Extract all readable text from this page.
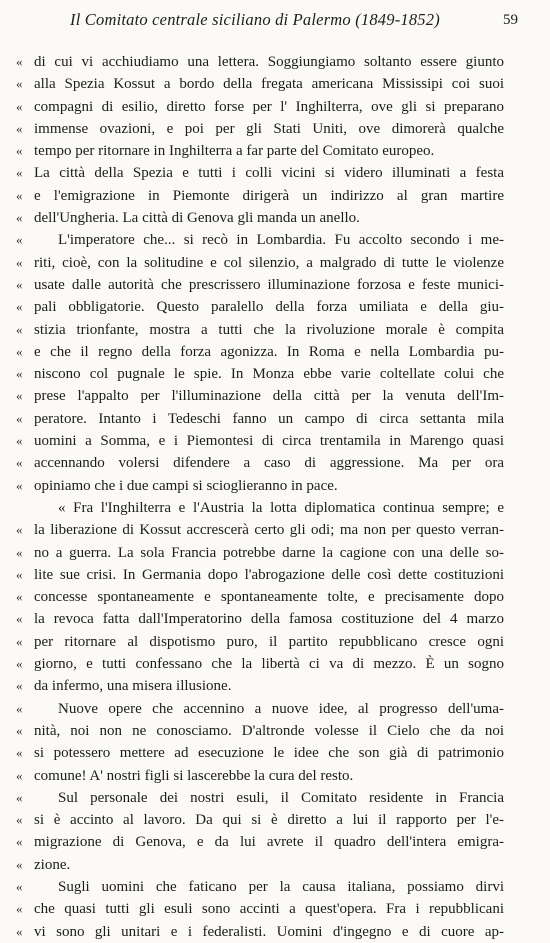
Il Comitato centrale siciliano di Palermo (1849-1852)	59
« di cui vi acchiudiamo una lettera. Soggiungiamo soltanto essere giunto
« alla Spezia Kossut a bordo della fregata americana Mississipi coi suoi
« compagni di esilio, diretto forse per l' Inghilterra, ove gli si preparano
« immense ovazioni, e poi per gli Stati Uniti, ove dimorerà qualche
« tempo per ritornare in Inghilterra a far parte del Comitato europeo.
« La città della Spezia e tutti i colli vicini si videro illuminati a festa
« e l'emigrazione in Piemonte dirigerà un indirizzo al gran martire
« dell'Ungheria. La città di Genova gli manda un anello.
«	L'imperatore che... si recò in Lombardia. Fu accolto secondo i me-
« riti, cioè, con la solitudine e col silenzio, a malgrado di tutte le violenze
« usate dalle autorità che prescrissero illuminazione forzosa e feste munici-
« pali obbligatorie. Questo paralello della forza umiliata e della giu-
« stizia trionfante, mostra a tutti che la rivoluzione morale è compita
« e che il regno della forza agonizza. In Roma e nella Lombardia pu-
« niscono col pugnale le spie. In Monza ebbe varie coltellate colui che
« prese l'appalto per l'illuminazione della città per la venuta dell'Im-
« peratore. Intanto i Tedeschi fanno un campo di circa settanta mila
« uomini a Somma, e i Piemontesi di circa trentamila in Marengo quasi
« accennando volersi difendere a caso di aggressione. Ma per ora
« opiniamo che i due campi si scioglieranno in pace.
« Fra l'Inghilterra e l'Austria la lotta diplomatica continua sempre; e
« la liberazione di Kossut accrescerà certo gli odi; ma non per questo verran-
« no a guerra. La sola Francia potrebbe darne la cagione con una delle so-
« lite sue crisi. In Germania dopo l'abrogazione delle così dette costituzioni
« concesse spontaneamente e spontaneamente tolte, e precisamente dopo
« la revoca fatta dall'Imperatorino della famosa costituzione del 4 marzo
« per ritornare al dispotismo puro, il partito repubblicano cresce ogni
« giorno, e tutti confessano che la libertà ci va di mezzo. È un sogno
« da infermo, una misera illusione.
«	Nuove opere che accennino a nuove idee, al progresso dell'uma-
« nità, noi non ne conosciamo. D'altronde volesse il Cielo che da noi
« si potessero mettere ad esecuzione le idee che son già di patrimonio
« comune! A' nostri figli si lascerebbe la cura del resto.
«	Sul personale dei nostri esuli, il Comitato residente in Francia
« si è accinto al lavoro. Da qui si è diretto a lui il rapporto per l'e-
« migrazione di Genova, e da lui avrete il quadro dell'intera emigra-
« zione.
«	Sugli uomini che faticano per la causa italiana, possiamo dirvi
« che quasi tutti gli esuli sono accinti a quest'opera. Fra i repubblicani
« vi sono gli unitari e i federalisti. Uomini d'ingegno e di cuore ap-
